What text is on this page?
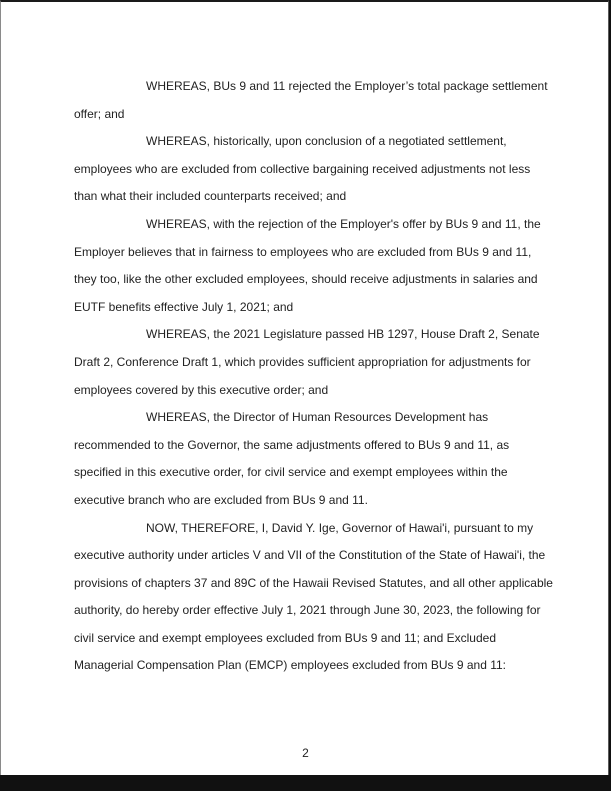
WHEREAS, BUs 9 and 11 rejected the Employer’s total package settlement offer; and

WHEREAS, historically, upon conclusion of a negotiated settlement, employees who are excluded from collective bargaining received adjustments not less than what their included counterparts received; and

WHEREAS, with the rejection of the Employer's offer by BUs 9 and 11, the Employer believes that in fairness to employees who are excluded from BUs 9 and 11, they too, like the other excluded employees, should receive adjustments in salaries and EUTF benefits effective July 1, 2021; and

WHEREAS, the 2021 Legislature passed HB 1297, House Draft 2, Senate Draft 2, Conference Draft 1, which provides sufficient appropriation for adjustments for employees covered by this executive order; and

WHEREAS, the Director of Human Resources Development has recommended to the Governor, the same adjustments offered to BUs 9 and 11, as specified in this executive order, for civil service and exempt employees within the executive branch who are excluded from BUs 9 and 11.

NOW, THEREFORE, I, David Y. Ige, Governor of Hawai'i, pursuant to my executive authority under articles V and VII of the Constitution of the State of Hawai'i, the provisions of chapters 37 and 89C of the Hawaii Revised Statutes, and all other applicable authority, do hereby order effective July 1, 2021 through June 30, 2023, the following for civil service and exempt employees excluded from BUs 9 and 11; and Excluded Managerial Compensation Plan (EMCP) employees excluded from BUs 9 and 11:

2
